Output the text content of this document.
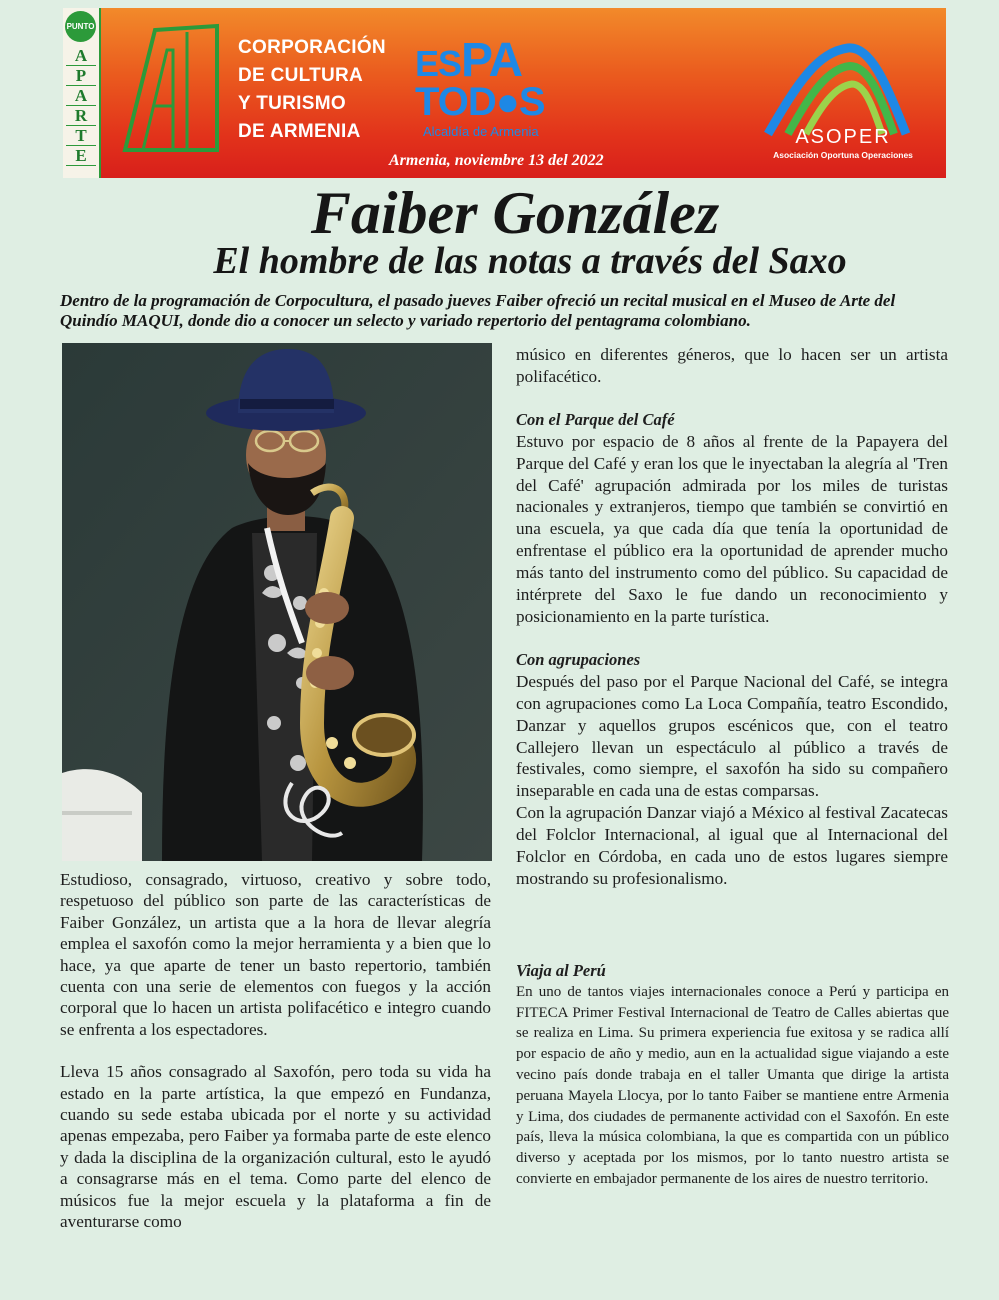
PUNTO
A
P
A
R
T
E
CORPORACIÓN
DE CULTURA
Y TURISMO
DE ARMENIA
ESPA
TOD●S
Alcaldía de Armenia
Armenia, noviembre 13 del 2022
ASOPER
Asociación Oportuna Operaciones
Faiber González
El hombre de las notas a través del Saxo
Dentro de la programación de Corpocultura, el pasado jueves Faiber ofreció un recital musical en el Museo de Arte del Quindío MAQUI, donde dio a conocer un selecto y variado repertorio del pentagrama colombiano.

Estudioso, consagrado, virtuoso, creativo y sobre todo, respetuoso del público son parte de las características de Faiber González, un artista que a la hora de llevar alegría emplea el saxofón como la mejor herramienta y a bien que lo hace, ya que aparte de tener un basto repertorio, también cuenta con una serie de elementos con fuegos y la acción corporal que lo hacen un artista polifacético e integro cuando se enfrenta a los espectadores.

Lleva 15 años consagrado al Saxofón, pero toda su vida ha estado en la parte artística, la que empezó en Fundanza, cuando su sede estaba ubicada por el norte y su actividad apenas empezaba, pero Faiber ya formaba parte de este elenco y dada la disciplina de la organización cultural, esto le ayudó a consagrarse más en el tema. Como parte del elenco de músicos fue la mejor escuela y la plataforma a fin de aventurarse como

músico en diferentes géneros, que lo hacen ser un artista polifacético.

Con el Parque del Café

Estuvo por espacio de 8 años al frente de la Papayera del Parque del Café y eran los que le inyectaban la alegría al 'Tren del Café' agrupación admirada por los miles de turistas nacionales y extranjeros, tiempo que también se convirtió en una escuela, ya que cada día que tenía la oportunidad de enfrentase el público era la oportunidad de aprender mucho más tanto del instrumento como del público. Su capacidad de intérprete del Saxo le fue dando un reconocimiento y posicionamiento en la parte turística.

Con agrupaciones

Después del paso por el Parque Nacional del Café, se integra con agrupaciones como La Loca Compañía, teatro Escondido, Danzar y aquellos grupos escénicos que, con el teatro Callejero llevan un espectáculo al público a través de festivales, como siempre, el saxofón ha sido su compañero inseparable en cada una de estas comparsas.

Con la agrupación Danzar viajó a México al festival Zacatecas del Folclor Internacional, al igual que al Internacional del Folclor en Córdoba, en cada uno de estos lugares siempre mostrando su profesionalismo.

Viaja al Perú

En uno de tantos viajes internacionales conoce a Perú y participa en FITECA Primer Festival Internacional de Teatro de Calles abiertas que se realiza en Lima. Su primera experiencia fue exitosa y se radica allí por espacio de año y medio, aun en la actualidad sigue viajando a este vecino país donde trabaja en el taller Umanta que dirige la artista peruana Mayela Llocya, por lo tanto Faiber se mantiene entre Armenia y Lima, dos ciudades de permanente actividad con el Saxofón. En este país, lleva la música colombiana, la que es compartida con un público diverso y aceptada por los mismos, por lo tanto nuestro artista se convierte en embajador permanente de los aires de nuestro territorio.
